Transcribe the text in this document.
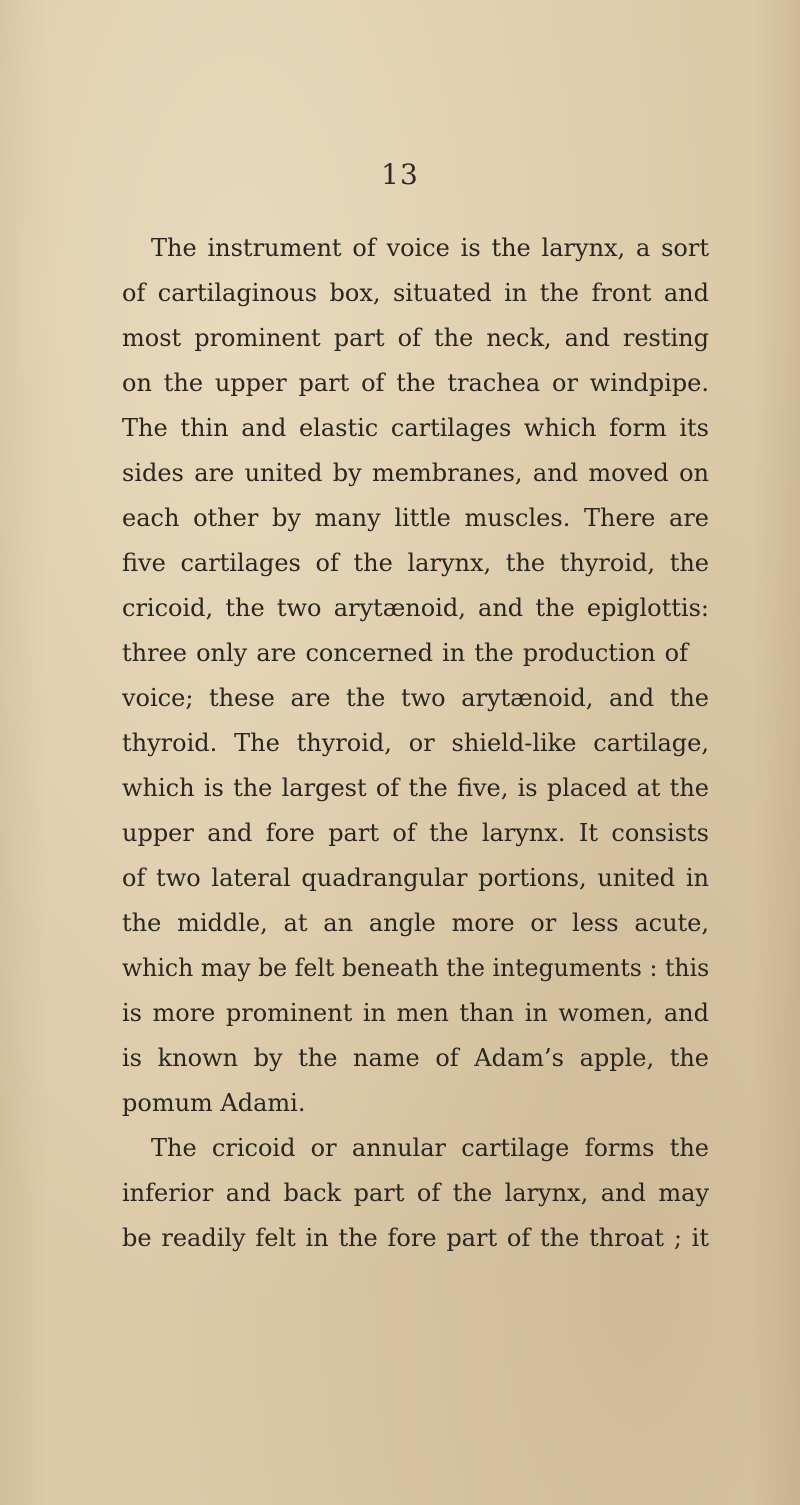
13
The instrument of voice is the larynx, a sort
of cartilaginous box, situated in the front and
most prominent part of the neck, and resting
on the upper part of the trachea or windpipe.
The thin and elastic cartilages which form its
sides are united by membranes, and moved on
each other by many little muscles. There are
five cartilages of the larynx, the thyroid, the
cricoid, the two arytænoid, and the epiglottis:
three only are concerned in the production of
voice; these are the two arytænoid, and the
thyroid. The thyroid, or shield-like cartilage,
which is the largest of the five, is placed at the
upper and fore part of the larynx. It consists
of two lateral quadrangular portions, united in
the middle, at an angle more or less acute,
which may be felt beneath the integuments : this
is more prominent in men than in women, and
is known by the name of Adam’s apple, the
pomum Adami.
The cricoid or annular cartilage forms the
inferior and back part of the larynx, and may
be readily felt in the fore part of the throat ; it
